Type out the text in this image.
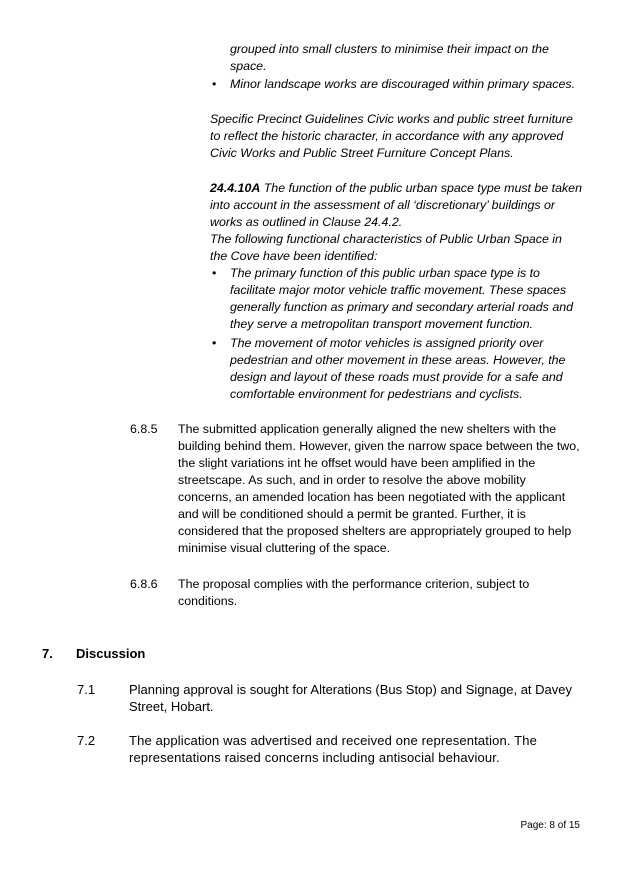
grouped into small clusters to minimise their impact on the space.
• Minor landscape works are discouraged within primary spaces.
Specific Precinct Guidelines Civic works and public street furniture to reflect the historic character, in accordance with any approved Civic Works and Public Street Furniture Concept Plans.
24.4.10A The function of the public urban space type must be taken into account in the assessment of all ‘discretionary’ buildings or works as outlined in Clause 24.4.2.
The following functional characteristics of Public Urban Space in the Cove have been identified:
• The primary function of this public urban space type is to facilitate major motor vehicle traffic movement. These spaces generally function as primary and secondary arterial roads and they serve a metropolitan transport movement function.
• The movement of motor vehicles is assigned priority over pedestrian and other movement in these areas. However, the design and layout of these roads must provide for a safe and comfortable environment for pedestrians and cyclists.
6.8.5 The submitted application generally aligned the new shelters with the building behind them. However, given the narrow space between the two, the slight variations int he offset would have been amplified in the streetscape. As such, and in order to resolve the above mobility concerns, an amended location has been negotiated with the applicant and will be conditioned should a permit be granted. Further, it is considered that the proposed shelters are appropriately grouped to help minimise visual cluttering of the space.
6.8.6 The proposal complies with the performance criterion, subject to conditions.
7. Discussion
7.1	Planning approval is sought for Alterations (Bus Stop) and Signage, at Davey Street, Hobart.
7.2	The application was advertised and received one representation. The representations raised concerns including antisocial behaviour.
Page: 8 of 15
